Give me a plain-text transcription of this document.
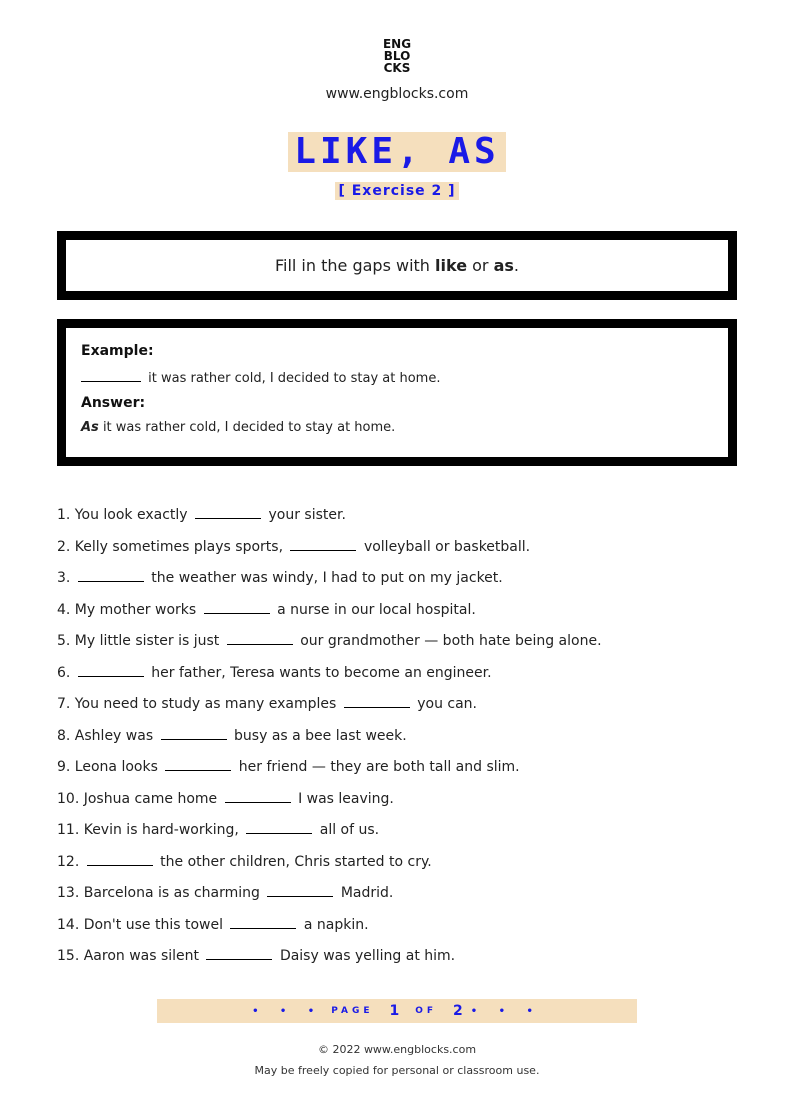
ENG
BLO
CKS
www.engblocks.com
LIKE, AS
[ Exercise 2 ]
Fill in the gaps with like or as.

Example:

it was rather cold, I decided to stay at home.

Answer:

As it was rather cold, I decided to stay at home.

1. You look exactly	your sister.
2. Kelly sometimes plays sports,	volleyball or basketball.
3.	the weather was windy, I had to put on my jacket.
4. My mother works	a nurse in our local hospital.
5. My little sister is just	our grandmother — both hate being alone.
6.	her father, Teresa wants to become an engineer.
7. You need to study as many examples	you can.
8. Ashley was	busy as a bee last week.
9. Leona looks	her friend — they are both tall and slim.
10. Joshua came home	I was leaving.
11. Kevin is hard-working,	all of us.
12.	the other children, Chris started to cry.
13. Barcelona is as charming	Madrid.
14. Don't use this towel	a napkin.
15. Aaron was silent	Daisy was yelling at him.
• • • PAGE 1 OF 2 • • •
© 2022 www.engblocks.com
May be freely copied for personal or classroom use.
